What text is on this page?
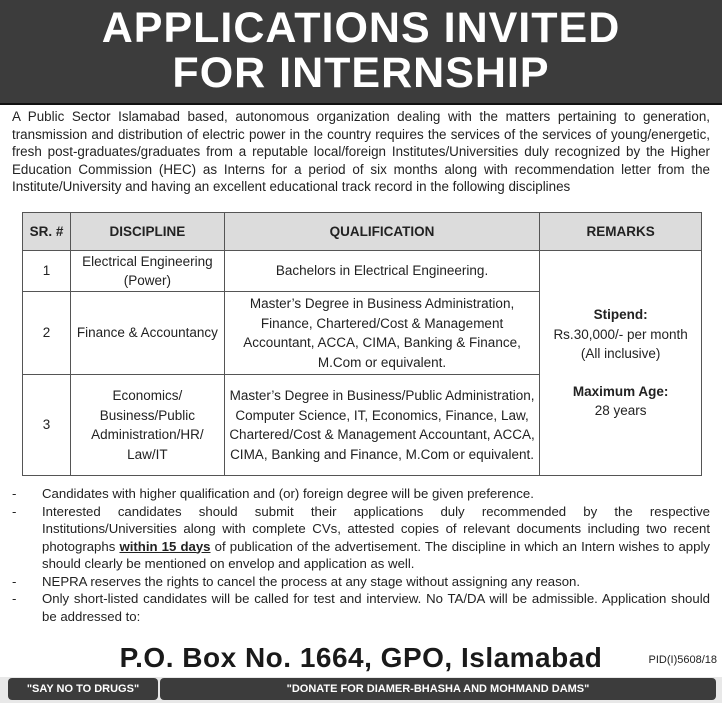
APPLICATIONS INVITED
FOR INTERNSHIP
A Public Sector Islamabad based, autonomous organization dealing with the matters pertaining to generation, transmission and distribution of electric power in the country requires the services of the services of young/energetic, fresh post-graduates/graduates from a reputable local/foreign Institutes/Universities duly recognized by the Higher Education Commission (HEC) as Interns for a period of six months along with recommendation letter from the Institute/University and having an excellent educational track record in the following disciplines
SR. #	DISCIPLINE	QUALIFICATION	REMARKS
1	Electrical Engineering (Power)	Bachelors in Electrical Engineering.	Stipend:
Rs.30,000/- per month
(All inclusive)
Maximum Age:
28 years

2	Finance & Accountancy	Master’s Degree in Business Administration, Finance, Chartered/Cost & Management Accountant, ACCA, CIMA, Banking & Finance, M.Com or equivalent.	
3	Economics/ Business/Public Administration/HR/ Law/IT	Master’s Degree in Business/Public Administration, Computer Science, IT, Economics, Finance, Law, Chartered/Cost & Management Accountant, ACCA, CIMA, Banking and Finance, M.Com or equivalent.	
- Candidates with higher qualification and (or) foreign degree will be given preference.
- Interested candidates should submit their applications duly recommended by the respective Institutions/Universities along with complete CVs, attested copies of relevant documents including two recent photographs within 15 days of publication of the advertisement. The discipline in which an Intern wishes to apply should clearly be mentioned on envelop and application as well.
- NEPRA reserves the rights to cancel the process at any stage without assigning any reason.
- Only short-listed candidates will be called for test and interview. No TA/DA will be admissible. Application should be addressed to:
P.O. Box No. 1664, GPO, Islamabad	PID(I)5608/18
"SAY NO TO DRUGS"	"DONATE FOR DIAMER-BHASHA AND MOHMAND DAMS"
